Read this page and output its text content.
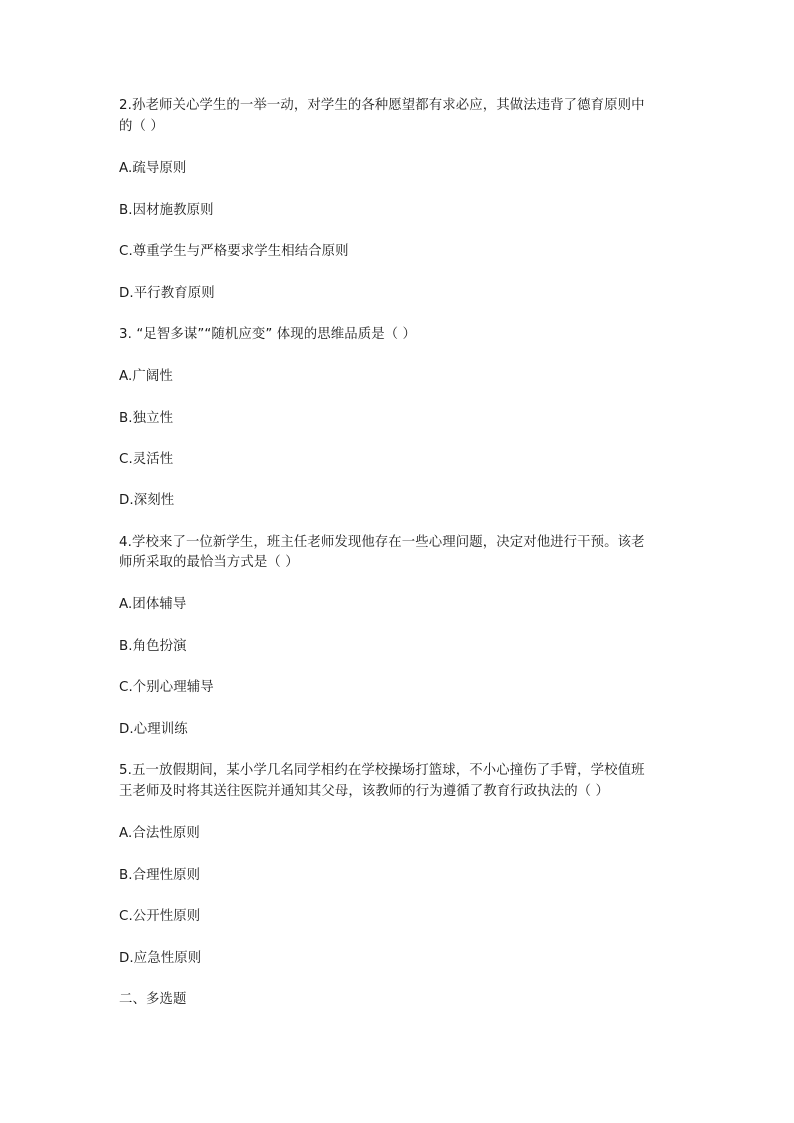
2.孙老师关心学生的一举一动，对学生的各种愿望都有求必应，其做法违背了德育原则中
的（ ）
A.疏导原则
B.因材施教原则
C.尊重学生与严格要求学生相结合原则
D.平行教育原则
3. “足智多谋”“随机应变” 体现的思维品质是（ ）
A.广阔性
B.独立性
C.灵活性
D.深刻性
4.学校来了一位新学生，班主任老师发现他存在一些心理问题，决定对他进行干预。该老
师所采取的最恰当方式是（ ）
A.团体辅导
B.角色扮演
C.个别心理辅导
D.心理训练
5.五一放假期间，某小学几名同学相约在学校操场打篮球，不小心撞伤了手臂，学校值班
王老师及时将其送往医院并通知其父母，该教师的行为遵循了教育行政执法的（ ）
A.合法性原则
B.合理性原则
C.公开性原则
D.应急性原则
二、多选题
